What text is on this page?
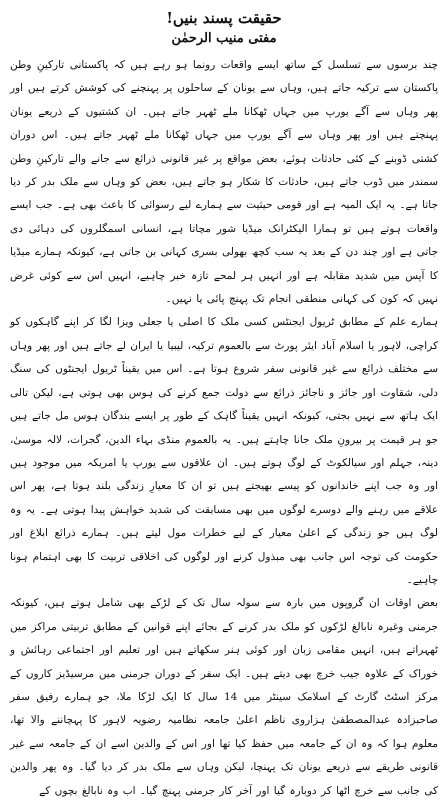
حقیقت پسند بنیں!
مفتی منیب الرحمٰن

چند برسوں سے تسلسل کے ساتھ ایسے واقعات رونما ہو رہے ہیں کہ پاکستانی تارکینِ وطن پاکستان سے ترکیہ جاتے ہیں، وہاں سے یونان کے ساحلوں پر پہنچنے کی کوشش کرتے ہیں اور پھر وہاں سے آگے یورپ میں جہاں ٹھکانا ملے ٹھہر جاتے ہیں۔ ان کشتیوں کے ذریعے یونان پہنچتے ہیں اور پھر وہاں سے آگے یورپ میں جہاں ٹھکانا ملے ٹھہر جاتے ہیں۔ اس دوران کشتی ڈوبنے کے کئی حادثات ہوئے، بعض مواقع پر غیر قانونی ذرائع سے جانے والے تارکینِ وطن سمندر میں ڈوب جاتے ہیں، حادثات کا شکار ہو جاتے ہیں، بعض کو وہاں سے ملک بدر کر دیا جاتا ہے۔ یہ ایک المیہ ہے اور قومی حیثیت سے ہمارے لیے رسوائی کا باعث بھی ہے۔ جب ایسے واقعات ہوتے ہیں تو ہمارا الیکٹرانک میڈیا شور مچاتا ہے، انسانی اسمگلروں کی دہائی دی جاتی ہے اور چند دن کے بعد یہ سب کچھ بھولی بسری کہانی بن جاتی ہے، کیونکہ ہمارے میڈیا کا آپس میں شدید مقابلہ ہے اور انہیں ہر لمحے تازہ خبر چاہیے، انہیں اس سے کوئی غرض نہیں کہ کون کی کہانی منطقی انجام تک پہنچ پائی یا نہیں۔

ہمارے علم کے مطابق ٹریول ایجنٹس کسی ملک کا اصلی یا جعلی ویزا لگا کر اپنے گاہکوں کو کراچی، لاہور یا اسلام آباد ایئر پورٹ سے بالعموم ترکیہ، لیبیا یا ایران لے جاتے ہیں اور پھر وہاں سے مختلف ذرائع سے غیر قانونی سفر شروع ہوتا ہے۔ اس میں یقیناً ٹریول ایجنٹوں کی سنگ دلی، شقاوت اور جائز و ناجائز ذرائع سے دولت جمع کرنے کی ہوس بھی ہوتی ہے، لیکن تالی ایک ہاتھ سے نہیں بجتی، کیونکہ انہیں یقیناً گاہک کے طور پر ایسے بندگان ہوس مل جاتے ہیں جو ہر قیمت پر بیرونِ ملک جانا چاہتے ہیں۔ یہ بالعموم منڈی بہاء الدین، گجرات، لالہ موسیٰ، دینہ، جہلم اور سیالکوٹ کے لوگ ہوتے ہیں۔ ان علاقوں سے یورپ یا امریکہ میں موجود ہیں اور وہ جب اپنے خاندانوں کو پیسے بھیجتے ہیں تو ان کا معیارِ زندگی بلند ہوتا ہے، پھر اس علاقے میں رہنے والے دوسرے لوگوں میں بھی مسابقت کی شدید خواہش پیدا ہوتی ہے۔ یہ وہ لوگ ہیں جو زندگی کے اعلیٰ معیار کے لیے خطرات مول لیتے ہیں۔ ہمارے ذرائع ابلاغ اور حکومت کی توجہ اس جانب بھی مبذول کرنے اور لوگوں کی اخلاقی تربیت کا بھی اہتمام ہونا چاہیے۔

بعض اوقات ان گروپوں میں بارہ سے سولہ سال تک کے لڑکے بھی شامل ہوتے ہیں، کیونکہ جرمنی وغیرہ نابالغ لڑکوں کو ملک بدر کرنے کے بجائے اپنے قوانین کے مطابق تربیتی مراکز میں ٹھہراتے ہیں، انہیں مقامی زبان اور کوئی ہنر سکھاتے ہیں اور تعلیم اور اجتماعی رہائش و خوراک کے علاوہ جیب خرچ بھی دیتے ہیں۔ ایک سفر کے دوران جرمنی میں مرسیڈیز کاروں کے مرکز اسٹٹ گارٹ کے اسلامک سینٹر میں 14 سال کا ایک لڑکا ملا، جو ہمارے رفیق سفر صاحبزادہ عبدالمصطفیٰ ہزاروی ناظم اعلیٰ جامعہ نظامیہ رضویہ لاہور کا پہچاننے والا تھا، معلوم ہوا کہ وہ ان کے جامعہ میں حفظ کیا تھا اور اس کے والدین اسے ان کے جامعہ سے غیر قانونی طریقے سے ذریعے یونان تک پہنچا، لیکن وہاں سے ملک بدر کر دیا گیا۔ وہ پھر والدین کی جانب سے خرچ اٹھا کر دوبارہ گیا اور آخر کار جرمنی پہنچ گیا۔ اب وہ نابالغ بچوں کے
